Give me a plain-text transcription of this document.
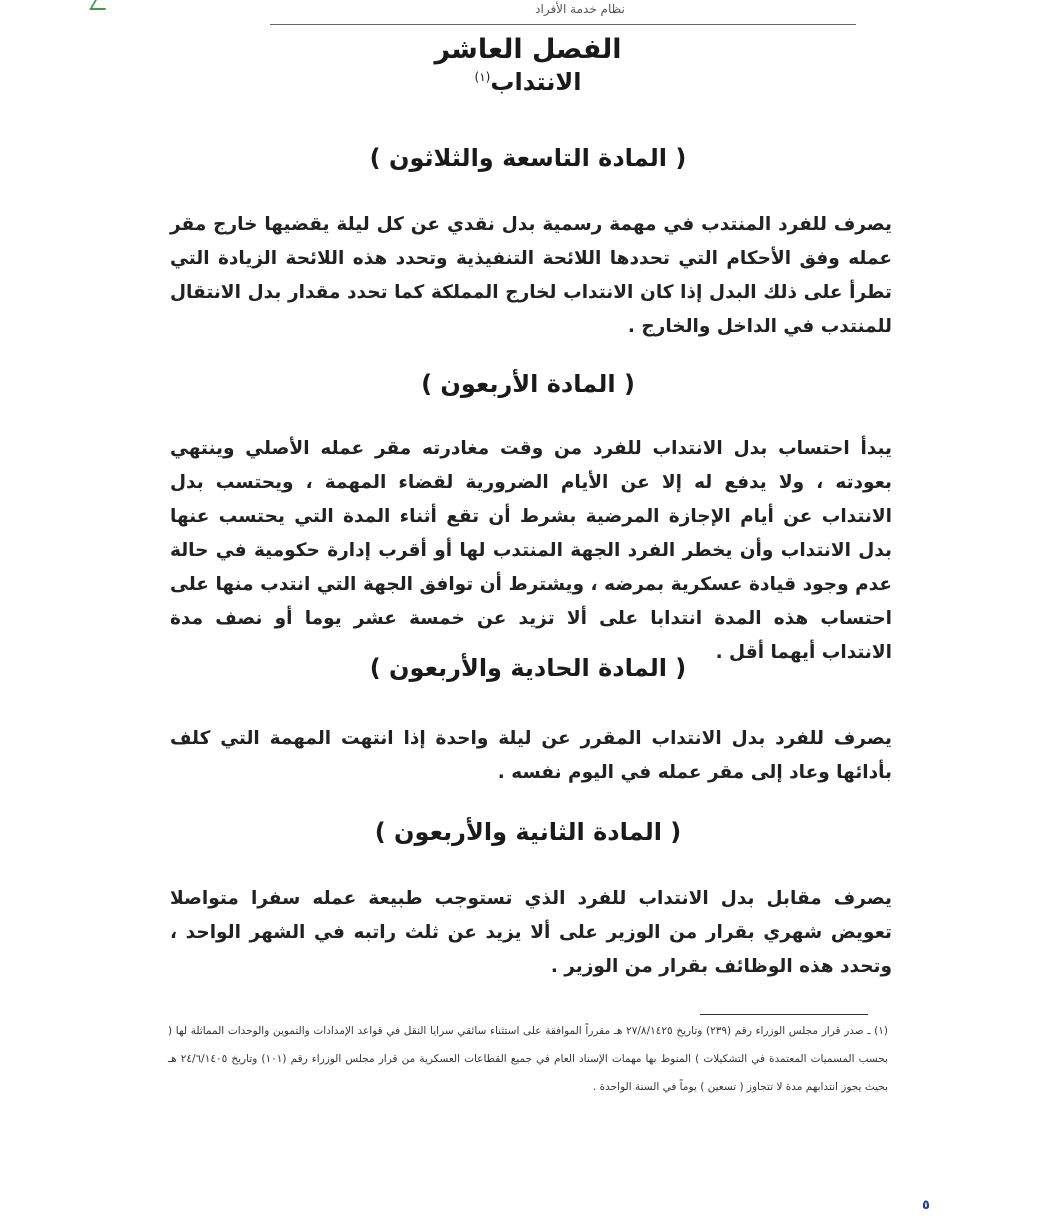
نظام خدمة الأفراد
الفصل العاشر
الانتداب$^{(١)}$
( المادة التاسعة والثلاثون )
يصرف للفرد المنتدب في مهمة رسمية بدل نقدي عن كل ليلة يقضيها خارج مقر عمله وفق الأحكام التي تحددها اللائحة التنفيذية وتحدد هذه اللائحة الزيادة التي تطرأ على ذلك البدل إذا كان الانتداب لخارج المملكة كما تحدد مقدار بدل الانتقال للمنتدب في الداخل والخارج .
( المادة الأربعون )
يبدأ احتساب بدل الانتداب للفرد من وقت مغادرته مقر عمله الأصلي وينتهي بعودته ، ولا يدفع له إلا عن الأيام الضرورية لقضاء المهمة ، ويحتسب بدل الانتداب عن أيام الإجازة المرضية بشرط أن تقع أثناء المدة التي يحتسب عنها بدل الانتداب وأن يخطر الفرد الجهة المنتدب لها أو أقرب إدارة حكومية في حالة عدم وجود قيادة عسكرية بمرضه ، ويشترط أن توافق الجهة التي انتدب منها على احتساب هذه المدة انتدابا على ألا تزيد عن خمسة عشر يوما أو نصف مدة الانتداب أيهما أقل .
( المادة الحادية والأربعون )
يصرف للفرد بدل الانتداب المقرر عن ليلة واحدة إذا انتهت المهمة التي كلف بأدائها وعاد إلى مقر عمله في اليوم نفسه .
( المادة الثانية والأربعون )
يصرف مقابل بدل الانتداب للفرد الذي تستوجب طبيعة عمله سفرا متواصلا تعويض شهري بقرار من الوزير على ألا يزيد عن ثلث راتبه في الشهر الواحد ، وتحدد هذه الوظائف بقرار من الوزير .
(١) ـ صدر قرار مجلس الوزراء رقم (٢٣٩) وتاريخ ٢٧/٨/١٤٢٥ هـ مقرراً الموافقة على استثناء سائقي سرايا النقل في قواعد الإمدادات والتموين والوحدات المماثلة لها ( بحسب المسميات المعتمدة في التشكيلات ) المنوط بها مهمات الإسناد العام في جميع القطاعات العسكرية من قرار مجلس الوزراء رقم (١٠١) وتاريخ ٢٤/٦/١٤٠٥ هـ بحيث يجوز انتدابهم مدة لا تتجاوز ( تسعين ) يوماً في السنة الواحدة .
٥
